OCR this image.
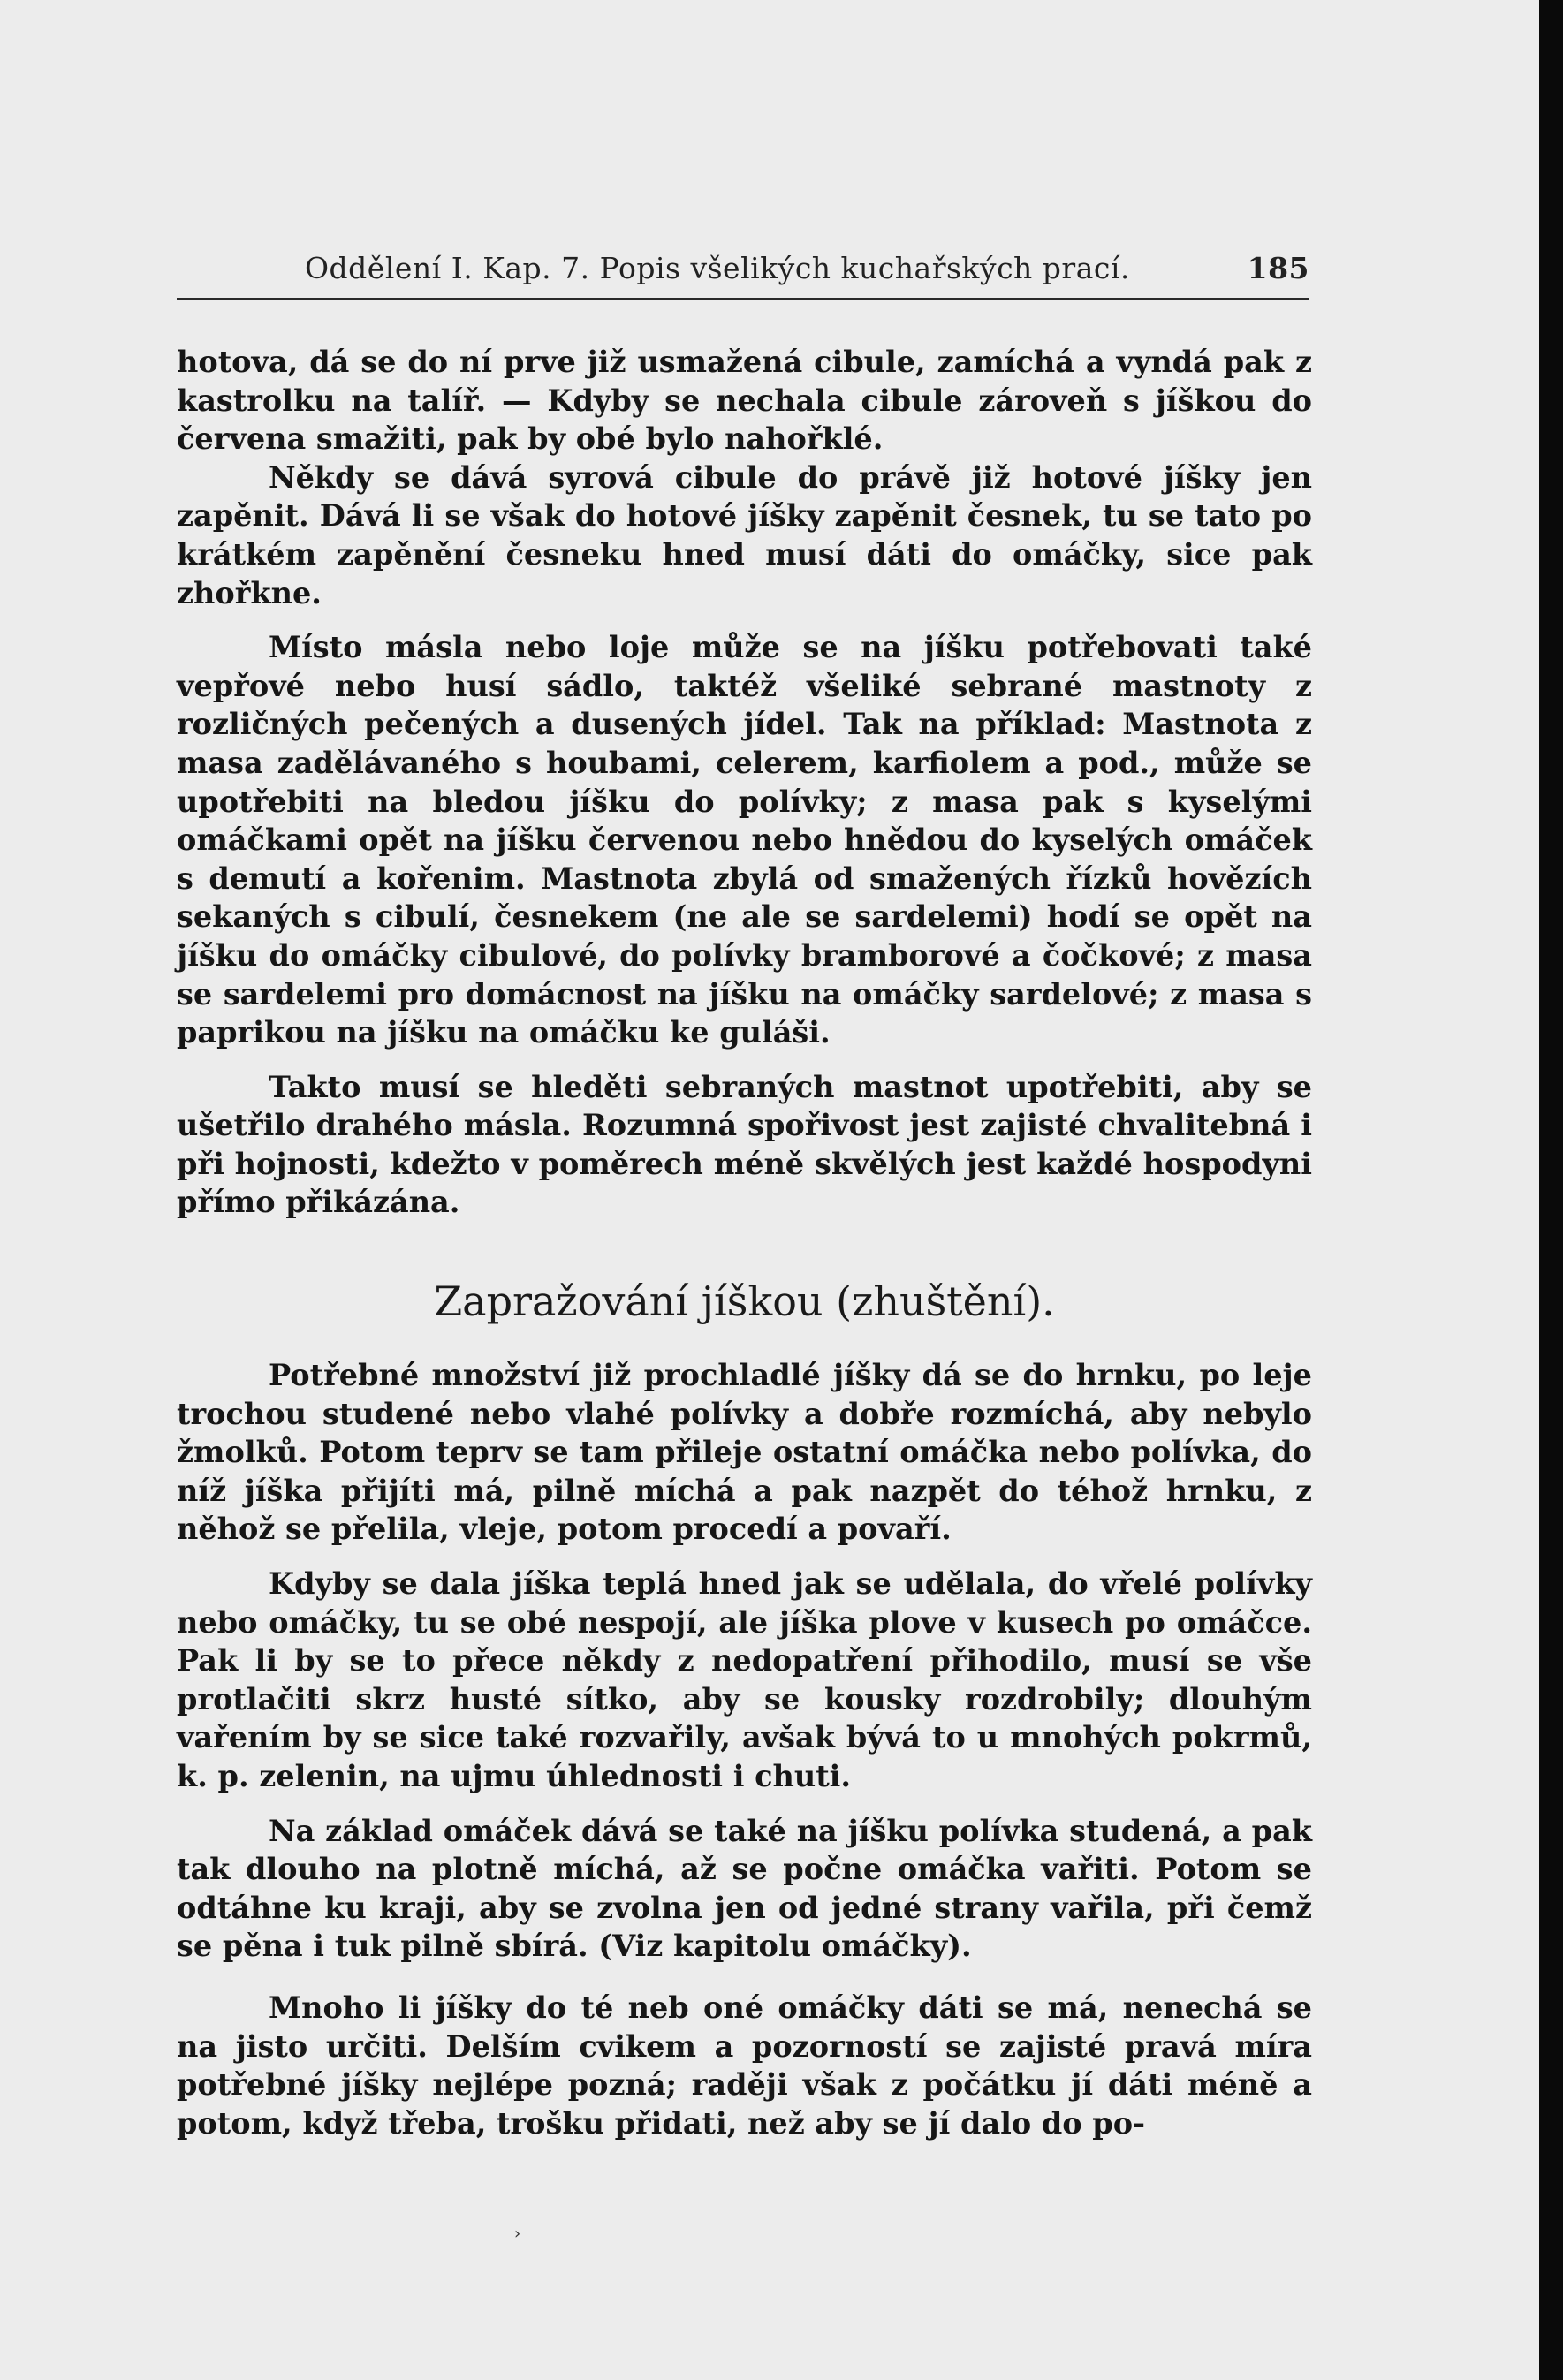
Oddělení I. Kap. 7. Popis všelikých kuchařských prací.	185

hotova, dá se do ní prve již usmažená cibule, zamíchá a vyndá pak z kastrolku na talíř. — Kdyby se nechala cibule zároveň s jíškou do červena smažiti, pak by obé bylo nahořklé.

Někdy se dává syrová cibule do právě již hotové jíšky jen zapěnit. Dává li se však do hotové jíšky zapěnit česnek, tu se tato po krátkém zapěnění česneku hned musí dáti do omáčky, sice pak zhořkne.

Místo másla nebo loje může se na jíšku potřebovati také vepřové nebo husí sádlo, taktéž všeliké sebrané mastnoty z rozličných pečených a dusených jídel. Tak na příklad: Mastnota z masa zadělávaného s houbami, celerem, karfiolem a pod., může se upotřebiti na bledou jíšku do polívky; z masa pak s kyselými omáčkami opět na jíšku červenou nebo hnědou do kyselých omáček s demutí a kořenim. Mastnota zbylá od smažených řízků hovězích sekaných s cibulí, česnekem (ne ale se sardelemi) hodí se opět na jíšku do omáčky cibulové, do polívky bramborové a čočkové; z masa se sardelemi pro domácnost na jíšku na omáčky sardelové; z masa s paprikou na jíšku na omáčku ke guláši.

Takto musí se hleděti sebraných mastnot upotřebiti, aby se ušetřilo drahého másla. Rozumná spořivost jest zajisté chvalitebná i při hojnosti, kdežto v poměrech méně skvělých jest každé hospodyni přímo přikázána.

Zapražování jíškou (zhuštění).

Potřebné množství již prochladlé jíšky dá se do hrnku, po leje trochou studené nebo vlahé polívky a dobře rozmíchá, aby nebylo žmolků. Potom teprv se tam přileje ostatní omáčka nebo polívka, do níž jíška přijíti má, pilně míchá a pak nazpět do téhož hrnku, z něhož se přelila, vleje, potom procedí a povaří.

Kdyby se dala jíška teplá hned jak se udělala, do vřelé polívky nebo omáčky, tu se obé nespojí, ale jíška plove v kusech po omáčce. Pak li by se to přece někdy z nedopatření přihodilo, musí se vše protlačiti skrz husté sítko, aby se kousky rozdrobily; dlouhým vařením by se sice také rozvařily, avšak bývá to u mnohých pokrmů, k. p. zelenin, na ujmu úhlednosti i chuti.

Na základ omáček dává se také na jíšku polívka studená, a pak tak dlouho na plotně míchá, až se počne omáčka vařiti. Potom se odtáhne ku kraji, aby se zvolna jen od jedné strany vařila, při čemž se pěna i tuk pilně sbírá. (Viz kapitolu omáčky).

Mnoho li jíšky do té neb oné omáčky dáti se má, nenechá se na jisto určiti. Delším cvikem a pozorností se zajisté pravá míra potřebné jíšky nejlépe pozná; raději však z počátku jí dáti méně a potom, když třeba, trošku přidati, než aby se jí dalo do po-

›
